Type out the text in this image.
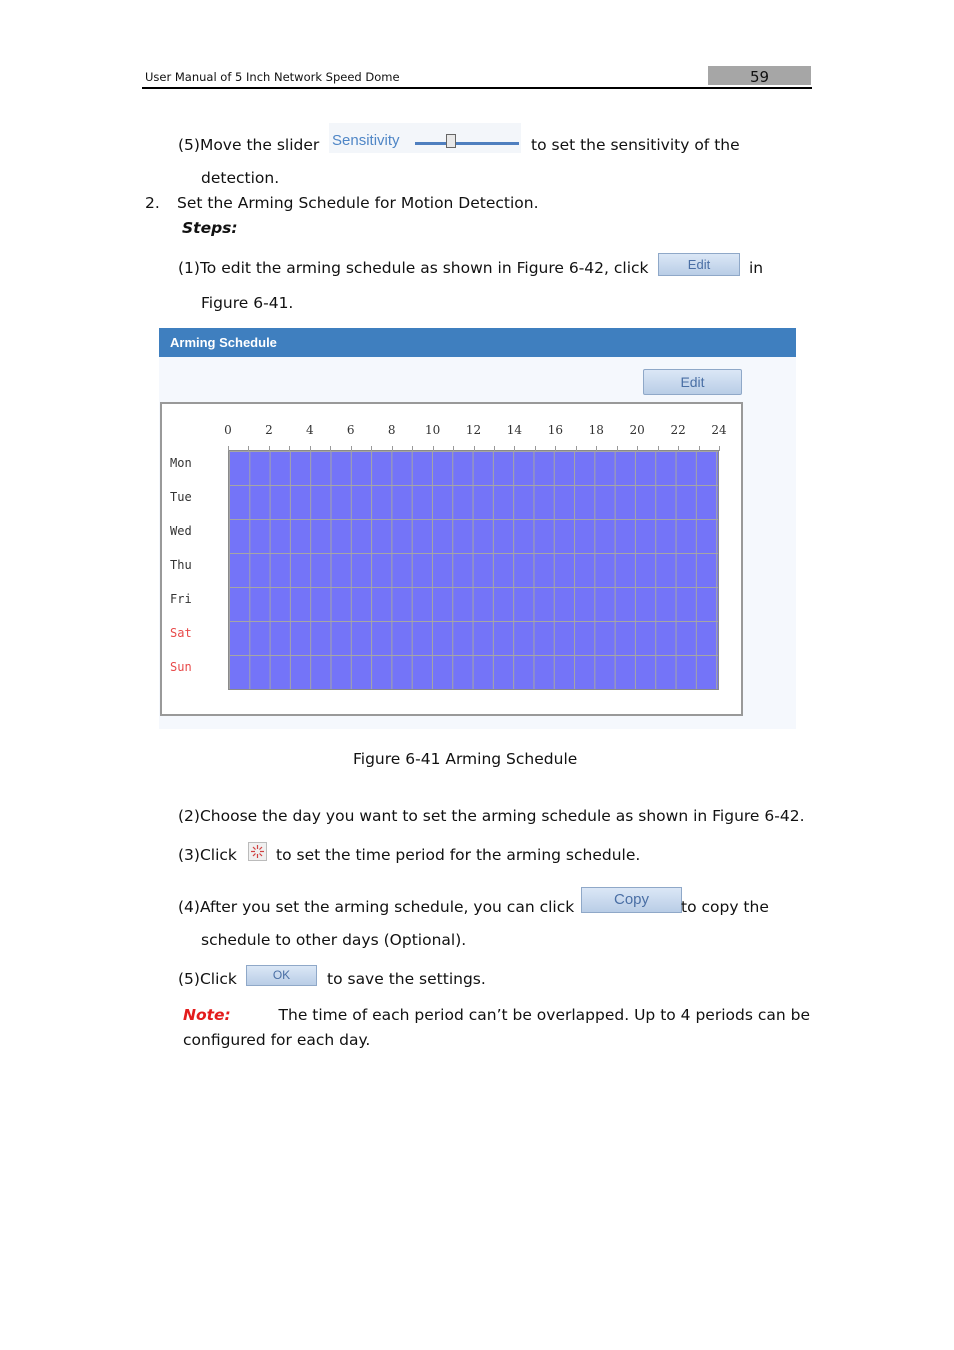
User Manual of 5 Inch Network Speed Dome	59
(5)Move the slider Sensitivity	to set the sensitivity of the
detection.
2. Set the Arming Schedule for Motion Detection.
Steps:
(1)To edit the arming schedule as shown in Figure 6-42, click	Edit	in
Figure 6-41.
Arming Schedule
Edit
0	2	4	6	8	10	12	14	16	18	20	22	24
Mon
Tue
Wed
Thu
Fri
Sat
Sun
Figure 6-41 Arming Schedule
(2)Choose the day you want to set the arming schedule as shown in Figure 6-42.
(3)Click	to set the time period for the arming schedule.
(4)After you set the arming schedule, you can click	Copy	to copy the
schedule to other days (Optional).
(5)Click	OK	to save the settings.
Note:	The time of each period can’t be overlapped. Up to 4 periods can be
configured for each day.
